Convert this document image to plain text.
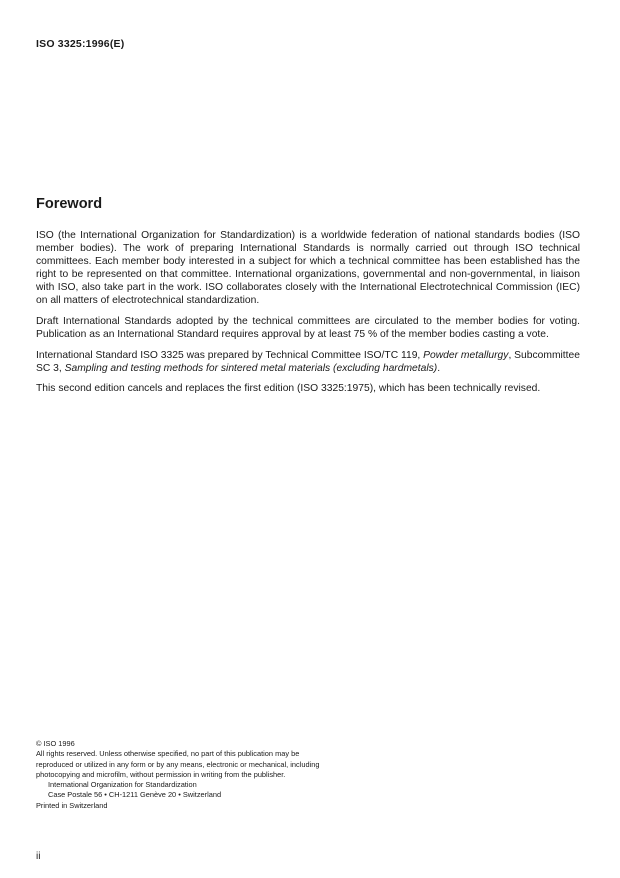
ISO 3325:1996(E)
Foreword

ISO (the International Organization for Standardization) is a worldwide federation of national standards bodies (ISO member bodies). The work of preparing International Standards is normally carried out through ISO technical committees. Each member body interested in a subject for which a technical committee has been established has the right to be represented on that committee. International organizations, governmental and non-governmental, in liaison with ISO, also take part in the work. ISO collaborates closely with the International Electrotechnical Commission (IEC) on all matters of electrotechnical standardization.

Draft International Standards adopted by the technical committees are circulated to the member bodies for voting. Publication as an International Standard requires approval by at least 75 % of the member bodies casting a vote.

International Standard ISO 3325 was prepared by Technical Committee ISO/TC 119, Powder metallurgy, Subcommittee SC 3, Sampling and testing methods for sintered metal materials (excluding hardmetals).

This second edition cancels and replaces the first edition (ISO 3325:1975), which has been technically revised.

© ISO 1996

All rights reserved. Unless otherwise specified, no part of this publication may be reproduced or utilized in any form or by any means, electronic or mechanical, including photocopying and microfilm, without permission in writing from the publisher.

International Organization for Standardization

Case Postale 56 • CH-1211 Genève 20 • Switzerland

Printed in Switzerland

ii
